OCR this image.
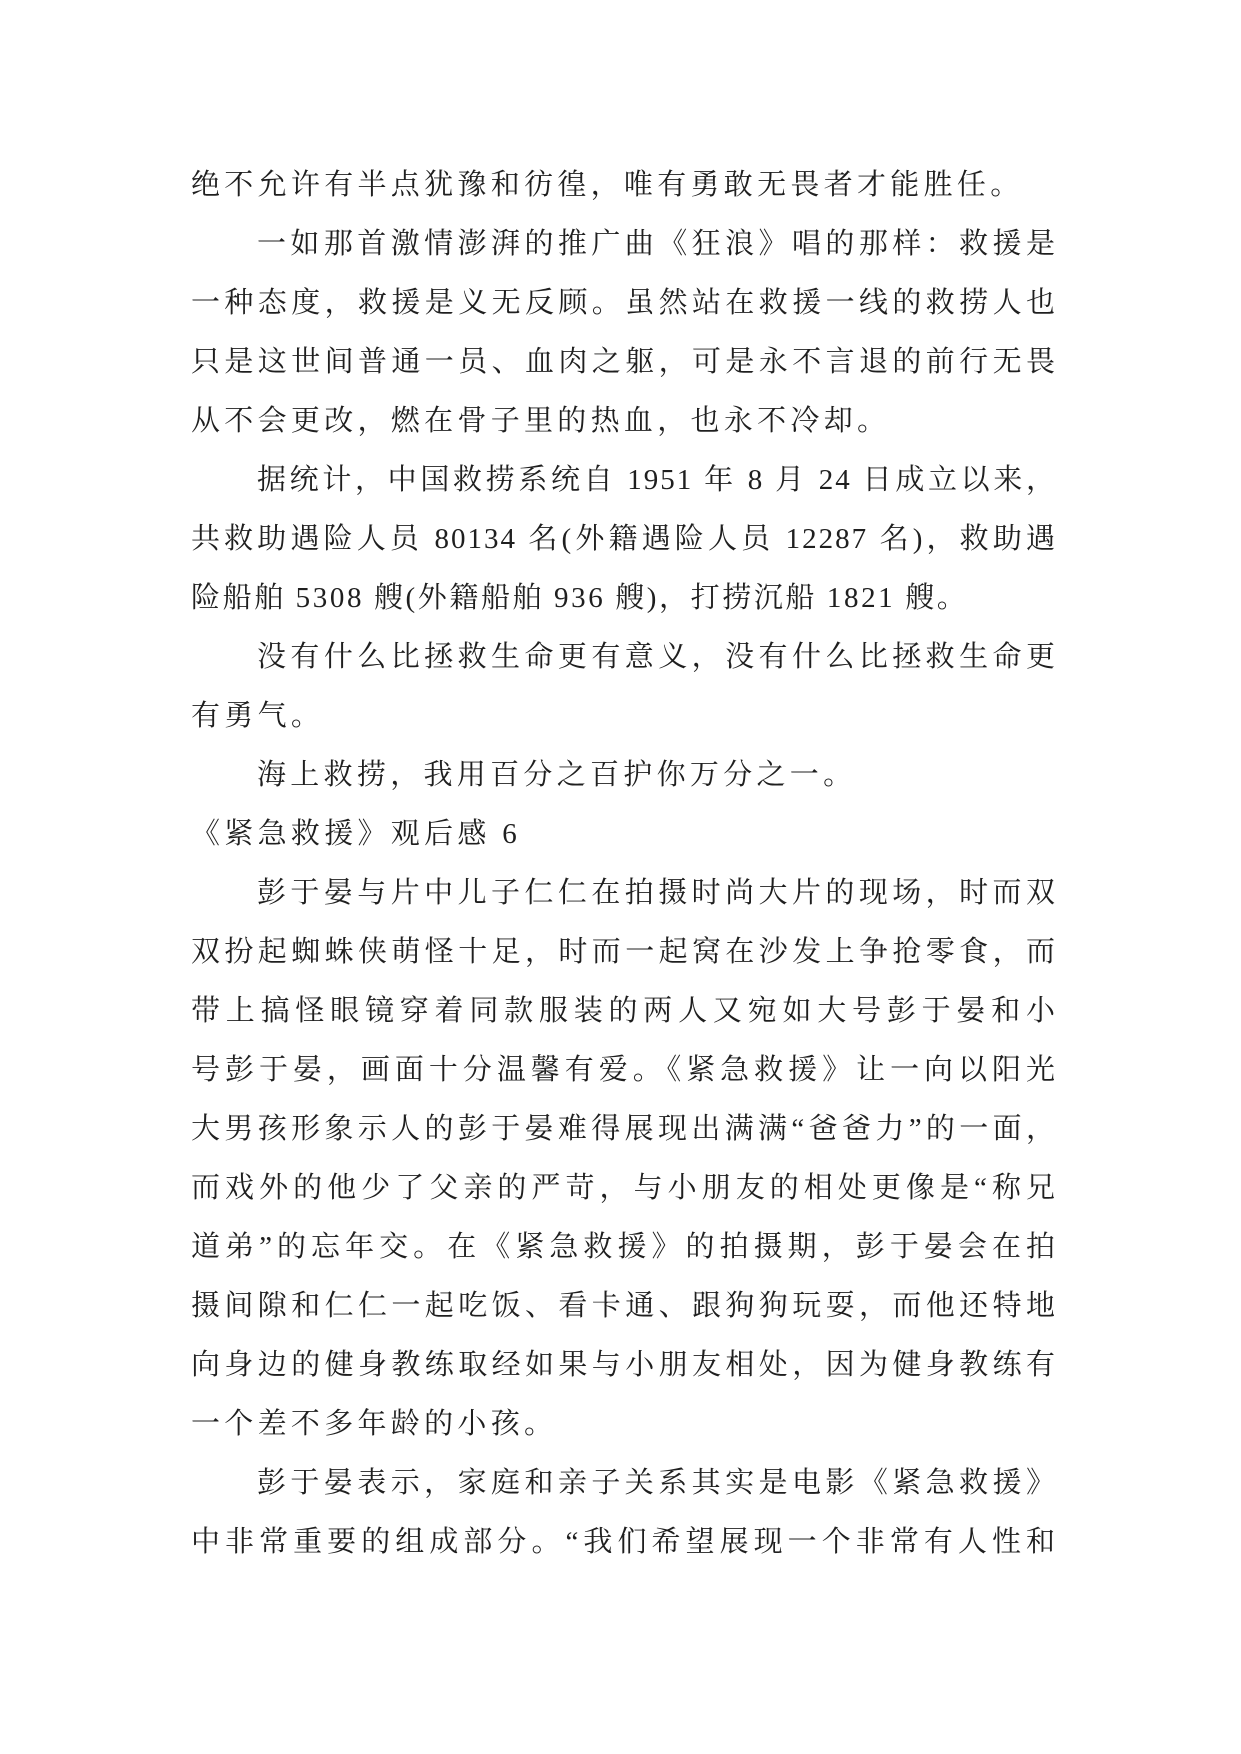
绝不允许有半点犹豫和彷徨，唯有勇敢无畏者才能胜任。
一如那首激情澎湃的推广曲《狂浪》唱的那样：救援是
一种态度，救援是义无反顾。虽然站在救援一线的救捞人也
只是这世间普通一员、血肉之躯，可是永不言退的前行无畏
从不会更改，燃在骨子里的热血，也永不冷却。
据统计，中国救捞系统自 1951 年 8 月 24 日成立以来，
共救助遇险人员 80134 名(外籍遇险人员 12287 名)，救助遇
险船舶 5308 艘(外籍船舶 936 艘)，打捞沉船 1821 艘。
没有什么比拯救生命更有意义，没有什么比拯救生命更
有勇气。
海上救捞，我用百分之百护你万分之一。
《紧急救援》观后感 6
彭于晏与片中儿子仁仁在拍摄时尚大片的现场，时而双
双扮起蜘蛛侠萌怪十足，时而一起窝在沙发上争抢零食，而
带上搞怪眼镜穿着同款服装的两人又宛如大号彭于晏和小
号彭于晏，画面十分温馨有爱。《紧急救援》让一向以阳光
大男孩形象示人的彭于晏难得展现出满满“爸爸力”的一面，
而戏外的他少了父亲的严苛，与小朋友的相处更像是“称兄
道弟”的忘年交。在《紧急救援》的拍摄期，彭于晏会在拍
摄间隙和仁仁一起吃饭、看卡通、跟狗狗玩耍，而他还特地
向身边的健身教练取经如果与小朋友相处，因为健身教练有
一个差不多年龄的小孩。
彭于晏表示，家庭和亲子关系其实是电影《紧急救援》
中非常重要的组成部分。“我们希望展现一个非常有人性和
